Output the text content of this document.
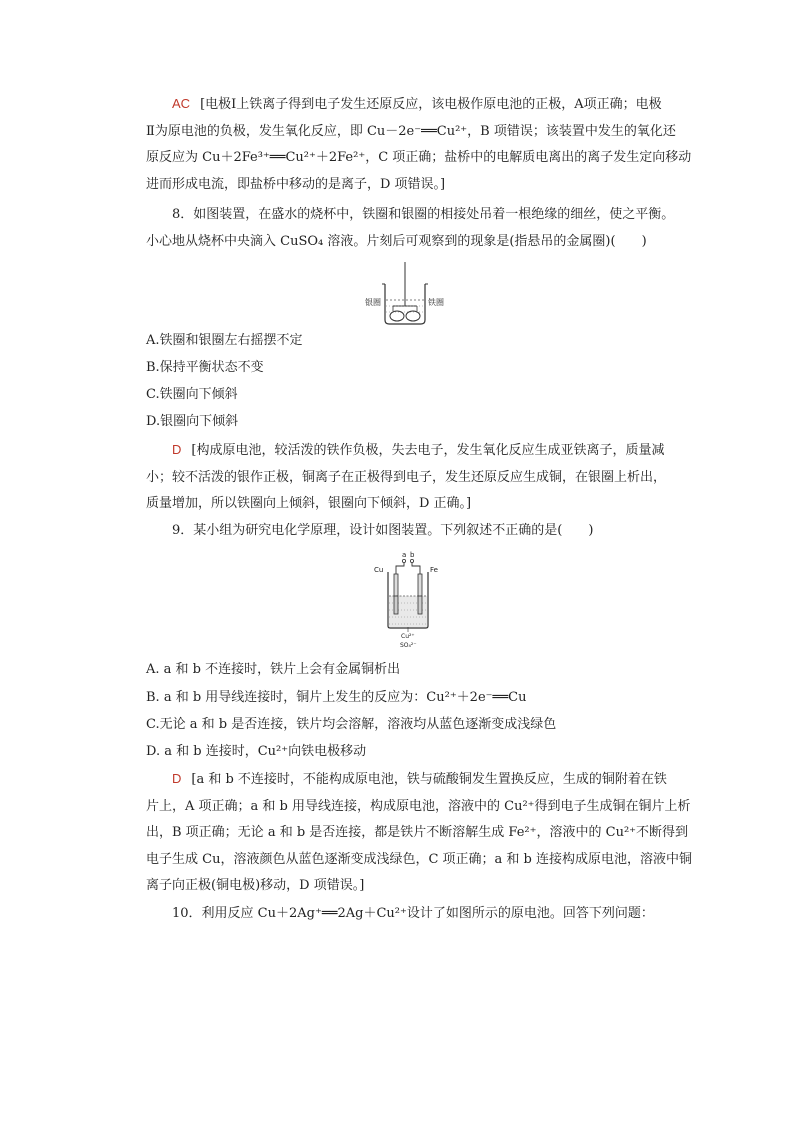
AC [电极Ⅰ上铁离子得到电子发生还原反应，该电极作原电池的正极，A项正确；电极
Ⅱ为原电池的负极，发生氧化反应，即 Cu－2e⁻══Cu²⁺，B 项错误；该装置中发生的氧化还
原反应为 Cu＋2Fe³⁺══Cu²⁺＋2Fe²⁺，C 项正确；盐桥中的电解质电离出的离子发生定向移动
进而形成电流，即盐桥中移动的是离子，D 项错误。]
8．如图装置，在盛水的烧杯中，铁圈和银圈的相接处吊着一根绝缘的细丝，使之平衡。
小心地从烧杯中央滴入 CuSO₄ 溶液。片刻后可观察到的现象是(指悬吊的金属圈)(　　)
银圈	铁圈
A.铁圈和银圈左右摇摆不定
B.保持平衡状态不变
C.铁圈向下倾斜
D.银圈向下倾斜
D [构成原电池，较活泼的铁作负极，失去电子，发生氧化反应生成亚铁离子，质量减
小；较不活泼的银作正极，铜离子在正极得到电子，发生还原反应生成铜，在银圈上析出，
质量增加，所以铁圈向上倾斜，银圈向下倾斜，D 正确。]
9．某小组为研究电化学原理，设计如图装置。下列叙述不正确的是(　　)
a b
Cu	Fe
Cu²⁺
SO₄²⁻
A. a 和 b 不连接时，铁片上会有金属铜析出
B. a 和 b 用导线连接时，铜片上发生的反应为：Cu²⁺＋2e⁻══Cu
C.无论 a 和 b 是否连接，铁片均会溶解，溶液均从蓝色逐渐变成浅绿色
D. a 和 b 连接时，Cu²⁺向铁电极移动
D [a 和 b 不连接时，不能构成原电池，铁与硫酸铜发生置换反应，生成的铜附着在铁
片上，A 项正确；a 和 b 用导线连接，构成原电池，溶液中的 Cu²⁺得到电子生成铜在铜片上析
出，B 项正确；无论 a 和 b 是否连接，都是铁片不断溶解生成 Fe²⁺，溶液中的 Cu²⁺不断得到
电子生成 Cu，溶液颜色从蓝色逐渐变成浅绿色，C 项正确；a 和 b 连接构成原电池，溶液中铜
离子向正极(铜电极)移动，D 项错误。]
10．利用反应 Cu＋2Ag⁺══2Ag＋Cu²⁺设计了如图所示的原电池。回答下列问题：
